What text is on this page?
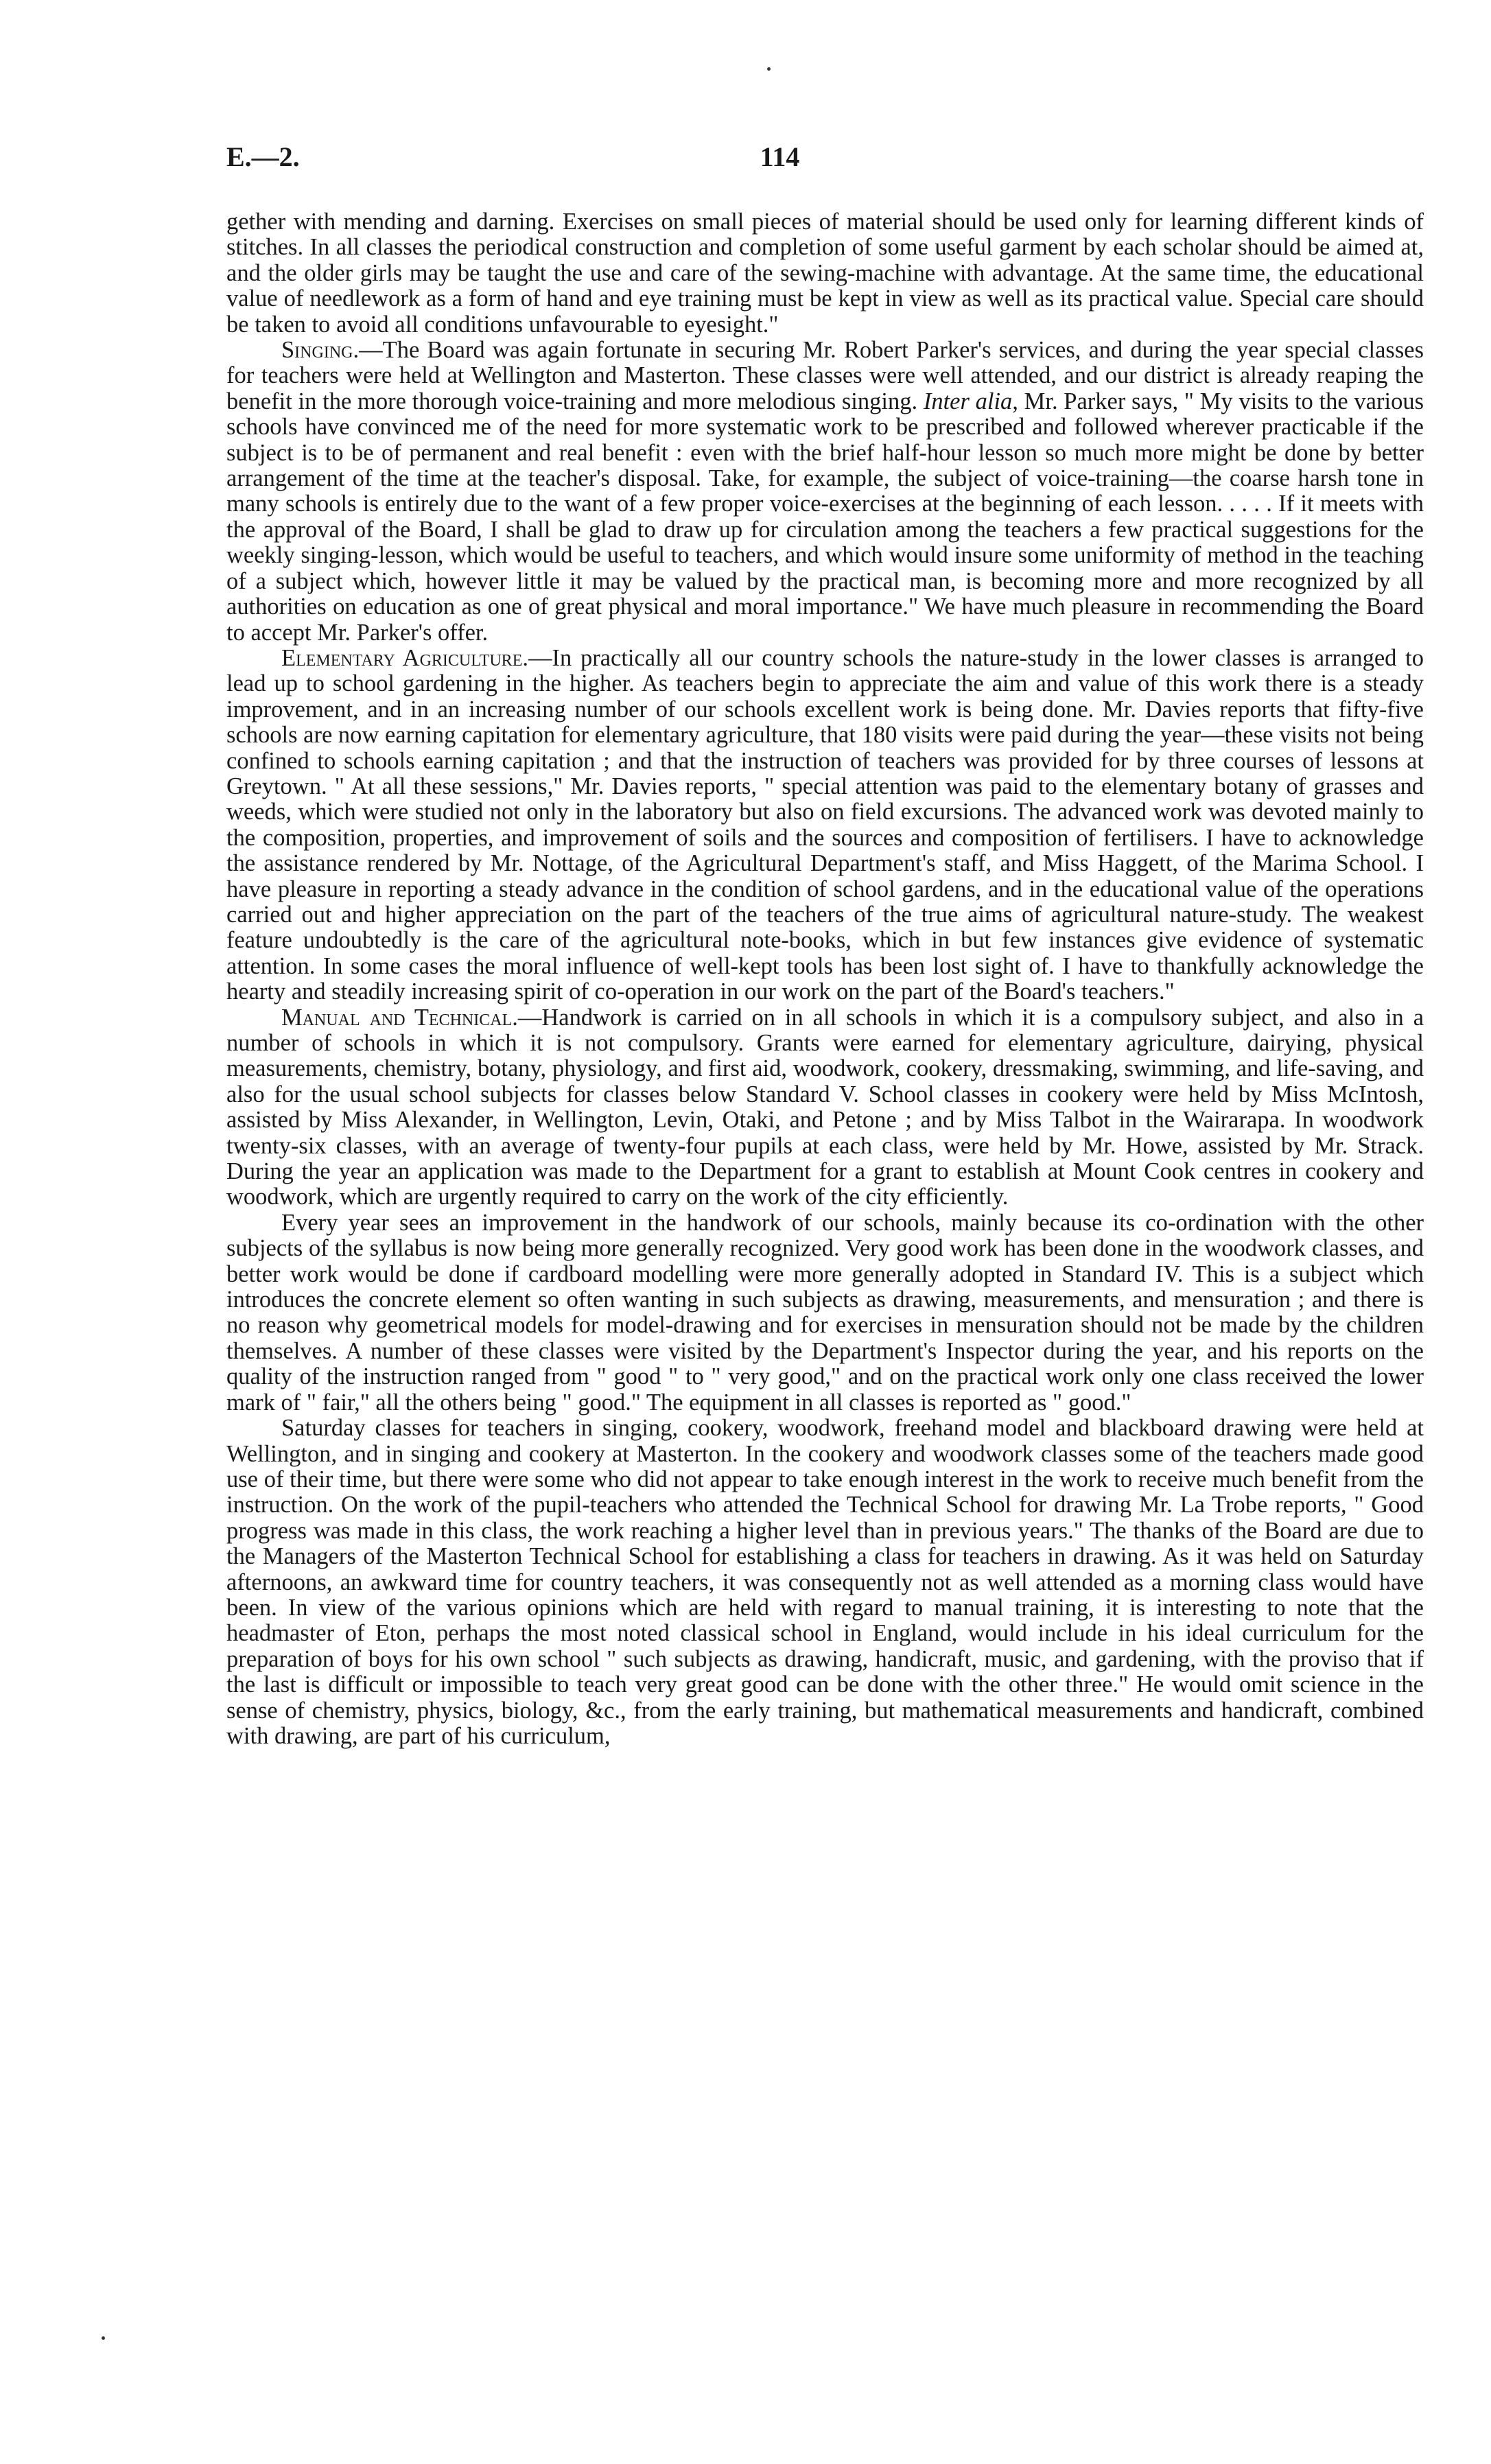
E.—2.	114

gether with mending and darning. Exercises on small pieces of material should be used only for learning different kinds of stitches. In all classes the periodical construction and completion of some useful garment by each scholar should be aimed at, and the older girls may be taught the use and care of the sewing-machine with advantage. At the same time, the educational value of needlework as a form of hand and eye training must be kept in view as well as its practical value. Special care should be taken to avoid all conditions unfavourable to eyesight."

Singing.—The Board was again fortunate in securing Mr. Robert Parker's services, and during the year special classes for teachers were held at Wellington and Masterton. These classes were well attended, and our district is already reaping the benefit in the more thorough voice-training and more melodious singing. Inter alia, Mr. Parker says, " My visits to the various schools have convinced me of the need for more systematic work to be prescribed and followed wherever practicable if the subject is to be of permanent and real benefit : even with the brief half-hour lesson so much more might be done by better arrangement of the time at the teacher's disposal. Take, for example, the subject of voice-training—the coarse harsh tone in many schools is entirely due to the want of a few proper voice-exercises at the beginning of each lesson. . . . . If it meets with the approval of the Board, I shall be glad to draw up for circulation among the teachers a few practical suggestions for the weekly singing-lesson, which would be useful to teachers, and which would insure some uniformity of method in the teaching of a subject which, however little it may be valued by the practical man, is becoming more and more recognized by all authorities on education as one of great physical and moral importance." We have much pleasure in recommending the Board to accept Mr. Parker's offer.

Elementary Agriculture.—In practically all our country schools the nature-study in the lower classes is arranged to lead up to school gardening in the higher. As teachers begin to appreciate the aim and value of this work there is a steady improvement, and in an increasing number of our schools excellent work is being done. Mr. Davies reports that fifty-five schools are now earning capitation for elementary agriculture, that 180 visits were paid during the year—these visits not being confined to schools earning capitation ; and that the instruction of teachers was provided for by three courses of lessons at Greytown. " At all these sessions," Mr. Davies reports, " special attention was paid to the elementary botany of grasses and weeds, which were studied not only in the laboratory but also on field excursions. The advanced work was devoted mainly to the composition, properties, and improvement of soils and the sources and composition of fertilisers. I have to acknowledge the assistance rendered by Mr. Nottage, of the Agricultural Department's staff, and Miss Haggett, of the Marima School. I have pleasure in reporting a steady advance in the condition of school gardens, and in the educational value of the operations carried out and higher appreciation on the part of the teachers of the true aims of agricultural nature-study. The weakest feature undoubtedly is the care of the agricultural note-books, which in but few instances give evidence of systematic attention. In some cases the moral influence of well-kept tools has been lost sight of. I have to thankfully acknowledge the hearty and steadily increasing spirit of co-operation in our work on the part of the Board's teachers."

Manual and Technical.—Handwork is carried on in all schools in which it is a compulsory subject, and also in a number of schools in which it is not compulsory. Grants were earned for elementary agriculture, dairying, physical measurements, chemistry, botany, physiology, and first aid, woodwork, cookery, dressmaking, swimming, and life-saving, and also for the usual school subjects for classes below Standard V. School classes in cookery were held by Miss McIntosh, assisted by Miss Alexander, in Wellington, Levin, Otaki, and Petone ; and by Miss Talbot in the Wairarapa. In woodwork twenty-six classes, with an average of twenty-four pupils at each class, were held by Mr. Howe, assisted by Mr. Strack. During the year an application was made to the Department for a grant to establish at Mount Cook centres in cookery and woodwork, which are urgently required to carry on the work of the city efficiently.

Every year sees an improvement in the handwork of our schools, mainly because its co-ordination with the other subjects of the syllabus is now being more generally recognized. Very good work has been done in the woodwork classes, and better work would be done if cardboard modelling were more generally adopted in Standard IV. This is a subject which introduces the concrete element so often wanting in such subjects as drawing, measurements, and mensuration ; and there is no reason why geometrical models for model-drawing and for exercises in mensuration should not be made by the children themselves. A number of these classes were visited by the Department's Inspector during the year, and his reports on the quality of the instruction ranged from " good " to " very good," and on the practical work only one class received the lower mark of " fair," all the others being " good." The equipment in all classes is reported as " good."

Saturday classes for teachers in singing, cookery, woodwork, freehand model and blackboard drawing were held at Wellington, and in singing and cookery at Masterton. In the cookery and woodwork classes some of the teachers made good use of their time, but there were some who did not appear to take enough interest in the work to receive much benefit from the instruction. On the work of the pupil-teachers who attended the Technical School for drawing Mr. La Trobe reports, " Good progress was made in this class, the work reaching a higher level than in previous years." The thanks of the Board are due to the Managers of the Masterton Technical School for establishing a class for teachers in drawing. As it was held on Saturday afternoons, an awkward time for country teachers, it was consequently not as well attended as a morning class would have been. In view of the various opinions which are held with regard to manual training, it is interesting to note that the headmaster of Eton, perhaps the most noted classical school in England, would include in his ideal curriculum for the preparation of boys for his own school " such subjects as drawing, handicraft, music, and gardening, with the proviso that if the last is difficult or impossible to teach very great good can be done with the other three." He would omit science in the sense of chemistry, physics, biology, &c., from the early training, but mathematical measurements and handicraft, combined with drawing, are part of his curriculum,
